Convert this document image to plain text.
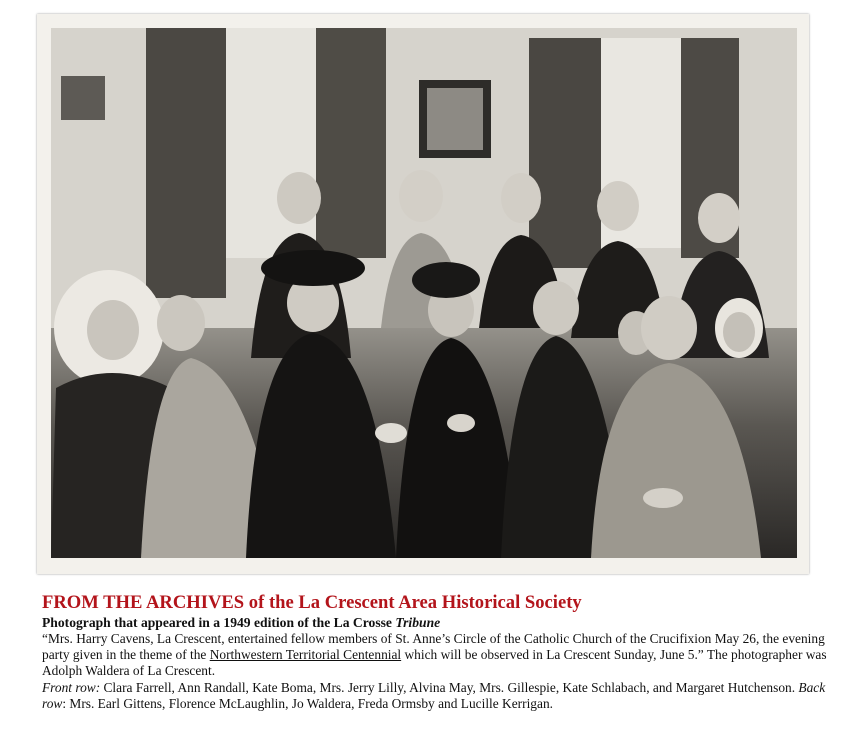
FROM THE ARCHIVES of the La Crescent Area Historical Society

Photograph that appeared in a 1949 edition of the La Crosse Tribune

“Mrs. Harry Cavens, La Crescent, entertained fellow members of St. Anne’s Circle of the Catholic Church of the Crucifixion May 26, the evening party given in the theme of the Northwestern Territorial Centennial which will be observed in La Crescent Sunday, June 5.” The photographer was Adolph Waldera of La Crescent.

Front row: Clara Farrell, Ann Randall, Kate Boma, Mrs. Jerry Lilly, Alvina May, Mrs. Gillespie, Kate Schlabach, and Margaret Hutchenson. Back row: Mrs. Earl Gittens, Florence McLaughlin, Jo Waldera, Freda Ormsby and Lucille Kerrigan.
